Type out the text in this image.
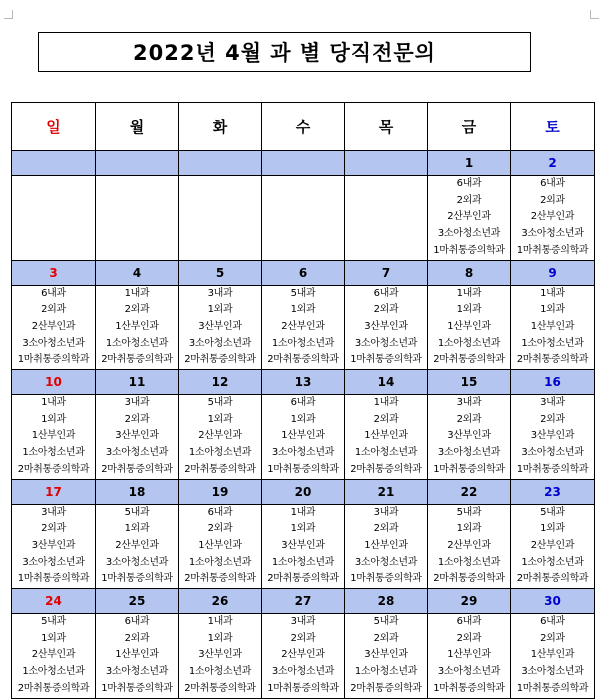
2022년 4월 과 별 당직전문의
일	월	화	수	목	금	토
					1	2

					6내과
2외과
2산부인과
3소아청소년과
1마취통증의학과	6내과
2외과
2산부인과
3소아청소년과
1마취통증의학과

3	4	5	6	7	8	9

6내과
2외과
2산부인과
3소아청소년과
1마취통증의학과	1내과
2외과
1산부인과
1소아청소년과
2마취통증의학과	3내과
1외과
3산부인과
3소아청소년과
2마취통증의학과	5내과
1외과
2산부인과
1소아청소년과
2마취통증의학과	6내과
2외과
3산부인과
3소아청소년과
1마취통증의학과	1내과
1외과
1산부인과
1소아청소년과
2마취통증의학과	1내과
1외과
1산부인과
1소아청소년과
2마취통증의학과

10	11	12	13	14	15	16

1내과
1외과
1산부인과
1소아청소년과
2마취통증의학과	3내과
2외과
3산부인과
3소아청소년과
2마취통증의학과	5내과
1외과
2산부인과
1소아청소년과
2마취통증의학과	6내과
1외과
1산부인과
3소아청소년과
1마취통증의학과	1내과
2외과
1산부인과
1소아청소년과
2마취통증의학과	3내과
2외과
3산부인과
3소아청소년과
1마취통증의학과	3내과
2외과
3산부인과
3소아청소년과
1마취통증의학과

17	18	19	20	21	22	23

3내과
2외과
3산부인과
3소아청소년과
1마취통증의학과	5내과
1외과
2산부인과
3소아청소년과
1마취통증의학과	6내과
2외과
1산부인과
1소아청소년과
2마취통증의학과	1내과
1외과
3산부인과
1소아청소년과
2마취통증의학과	3내과
2외과
1산부인과
3소아청소년과
1마취통증의학과	5내과
1외과
2산부인과
1소아청소년과
2마취통증의학과	5내과
1외과
2산부인과
1소아청소년과
2마취통증의학과

24	25	26	27	28	29	30

5내과
1외과
2산부인과
1소아청소년과
2마취통증의학과	6내과
2외과
1산부인과
3소아청소년과
1마취통증의학과	1내과
1외과
3산부인과
1소아청소년과
2마취통증의학과	3내과
2외과
2산부인과
3소아청소년과
1마취통증의학과	5내과
2외과
3산부인과
1소아청소년과
2마취통증의학과	6내과
2외과
1산부인과
3소아청소년과
1마취통증의학과	6내과
2외과
1산부인과
3소아청소년과
1마취통증의학과
